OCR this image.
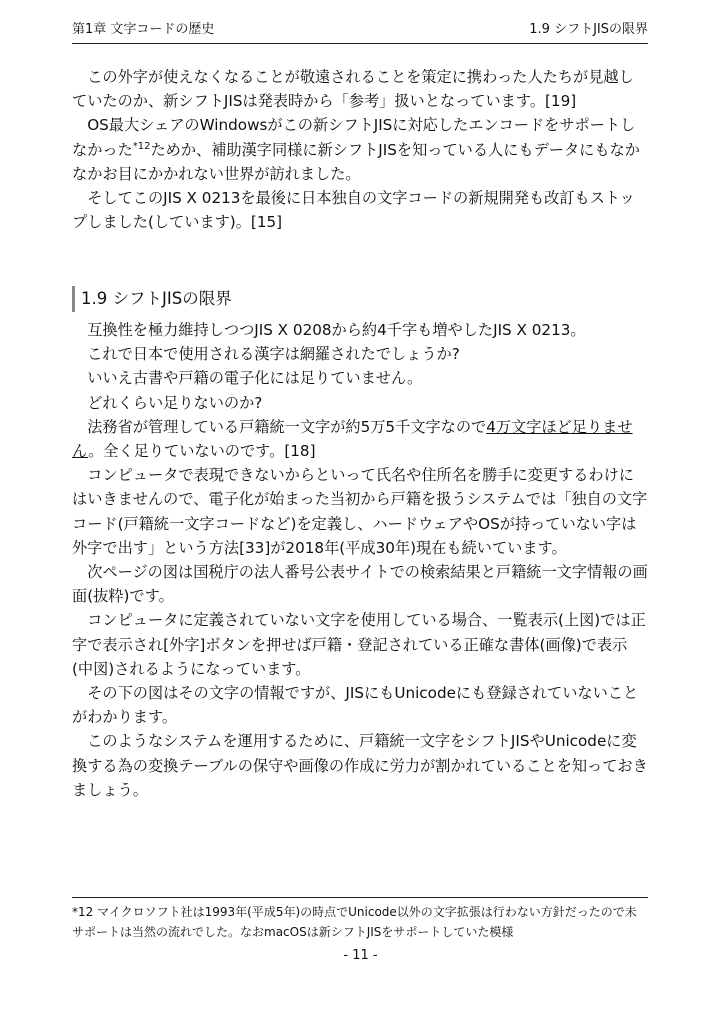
第1章 文字コードの歴史	1.9 シフトJISの限界

この外字が使えなくなることが敬遠されることを策定に携わった人たちが見越していたのか、新シフトJISは発表時から「参考」扱いとなっています。[19]

OS最大シェアのWindowsがこの新シフトJISに対応したエンコードをサポートしなかった$^{*12}$ためか、補助漢字同様に新シフトJISを知っている人にもデータにもなかなかお目にかかれない世界が訪れました。

そしてこのJIS X 0213を最後に日本独自の文字コードの新規開発も改訂もストップしました(しています)。[15]

1.9 シフトJISの限界

互換性を極力維持しつつJIS X 0208から約4千字も増やしたJIS X 0213。

これで日本で使用される漢字は網羅されたでしょうか?

いいえ古書や戸籍の電子化には足りていません。

どれくらい足りないのか?

法務省が管理している戸籍統一文字が約5万5千文字なので4万文字ほど足りません。全く足りていないのです。[18]

コンピュータで表現できないからといって氏名や住所名を勝手に変更するわけにはいきませんので、電子化が始まった当初から戸籍を扱うシステムでは「独自の文字コード(戸籍統一文字コードなど)を定義し、ハードウェアやOSが持っていない字は外字で出す」という方法[33]が2018年(平成30年)現在も続いています。

次ページの図は国税庁の法人番号公表サイトでの検索結果と戸籍統一文字情報の画面(抜粋)です。

コンピュータに定義されていない文字を使用している場合、一覧表示(上図)では正字で表示され[外字]ボタンを押せば戸籍・登記されている正確な書体(画像)で表示(中図)されるようになっています。

その下の図はその文字の情報ですが、JISにもUnicodeにも登録されていないことがわかります。

このようなシステムを運用するために、戸籍統一文字をシフトJISやUnicodeに変換する為の変換テーブルの保守や画像の作成に労力が割かれていることを知っておきましょう。

*12 マイクロソフト社は1993年(平成5年)の時点でUnicode以外の文字拡張は行わない方針だったので未サポートは当然の流れでした。なおmacOSは新シフトJISをサポートしていた模様

- 11 -
